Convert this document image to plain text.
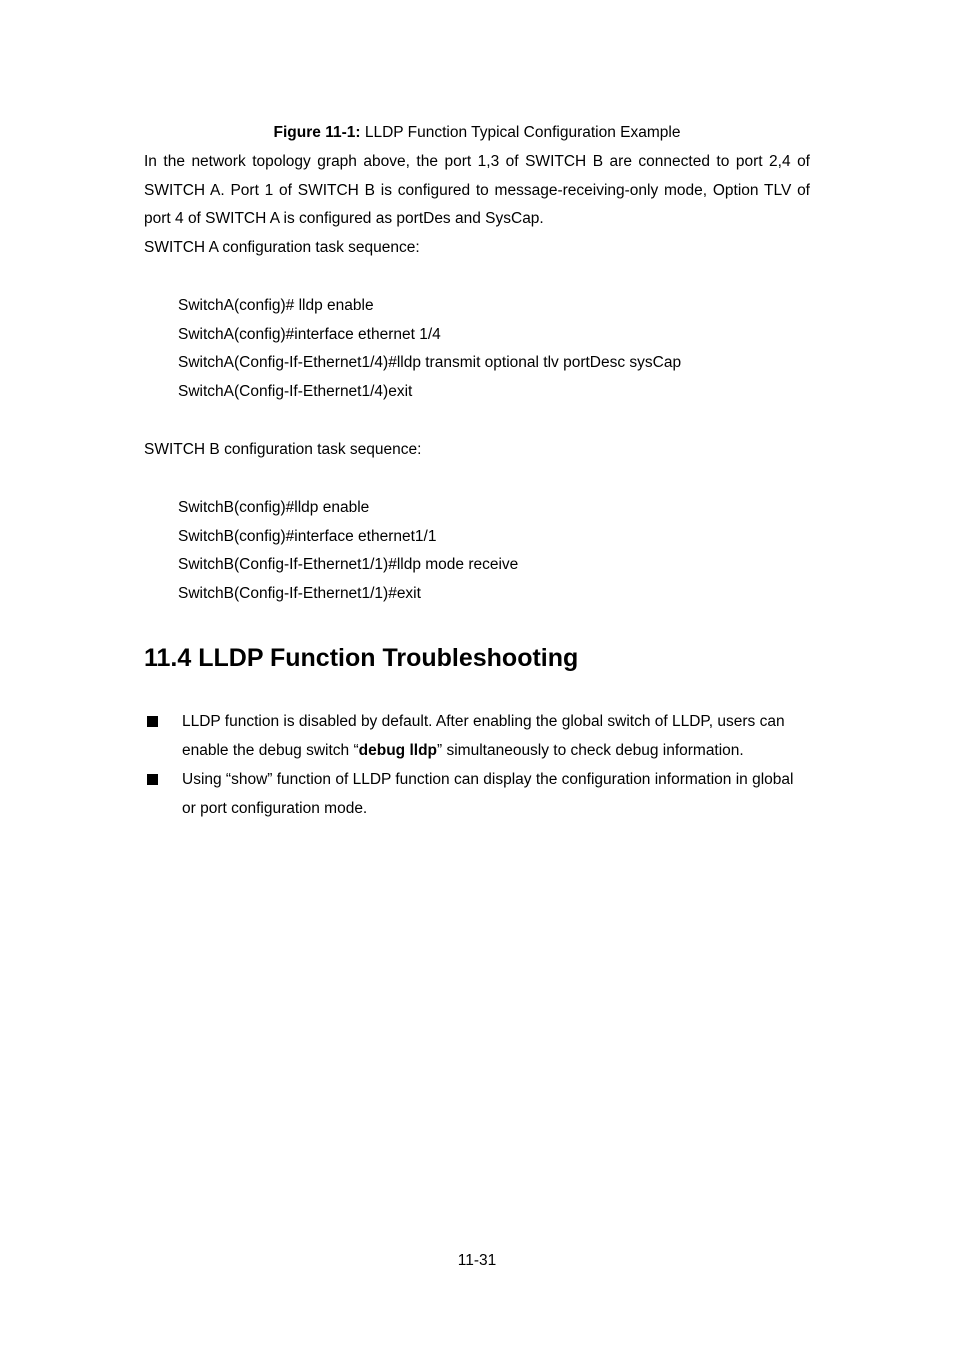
Figure 11-1: LLDP Function Typical Configuration Example
In the network topology graph above, the port 1,3 of SWITCH B are connected to port 2,4 of
SWITCH A. Port 1 of SWITCH B is configured to message-receiving-only mode, Option TLV of
port 4 of SWITCH A is configured as portDes and SysCap.
SWITCH A configuration task sequence:
SwitchA(config)# lldp enable
SwitchA(config)#interface ethernet 1/4
SwitchA(Config-If-Ethernet1/4)#lldp transmit optional tlv portDesc sysCap
SwitchA(Config-If-Ethernet1/4)exit
SWITCH B configuration task sequence:
SwitchB(config)#lldp enable
SwitchB(config)#interface ethernet1/1
SwitchB(Config-If-Ethernet1/1)#lldp mode receive
SwitchB(Config-If-Ethernet1/1)#exit
11.4 LLDP Function Troubleshooting
LLDP function is disabled by default. After enabling the global switch of LLDP, users can
enable the debug switch “debug lldp” simultaneously to check debug information.
Using “show” function of LLDP function can display the configuration information in global
or port configuration mode.
11-31
